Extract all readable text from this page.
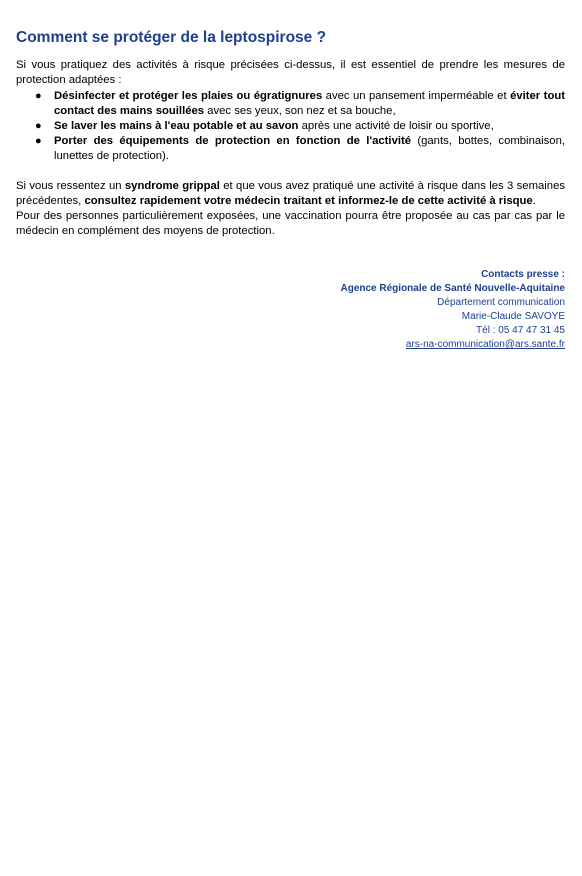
Comment se protéger de la leptospirose ?

Si vous pratiquez des activités à risque précisées ci-dessus, il est essentiel de prendre les mesures de protection adaptées :

● Désinfecter et protéger les plaies ou égratignures avec un pansement imperméable et éviter tout contact des mains souillées avec ses yeux, son nez et sa bouche,
● Se laver les mains à l'eau potable et au savon après une activité de loisir ou sportive,
● Porter des équipements de protection en fonction de l'activité (gants, bottes, combinaison, lunettes de protection).

Si vous ressentez un syndrome grippal et que vous avez pratiqué une activité à risque dans les 3 semaines précédentes, consultez rapidement votre médecin traitant et informez-le de cette activité à risque.

Pour des personnes particulièrement exposées, une vaccination pourra être proposée au cas par cas par le médecin en complément des moyens de protection.

Contacts presse :
Agence Régionale de Santé Nouvelle-Aquitaine
Département communication
Marie-Claude SAVOYE
Tél : 05 47 47 31 45
ars-na-communication@ars.sante.fr
